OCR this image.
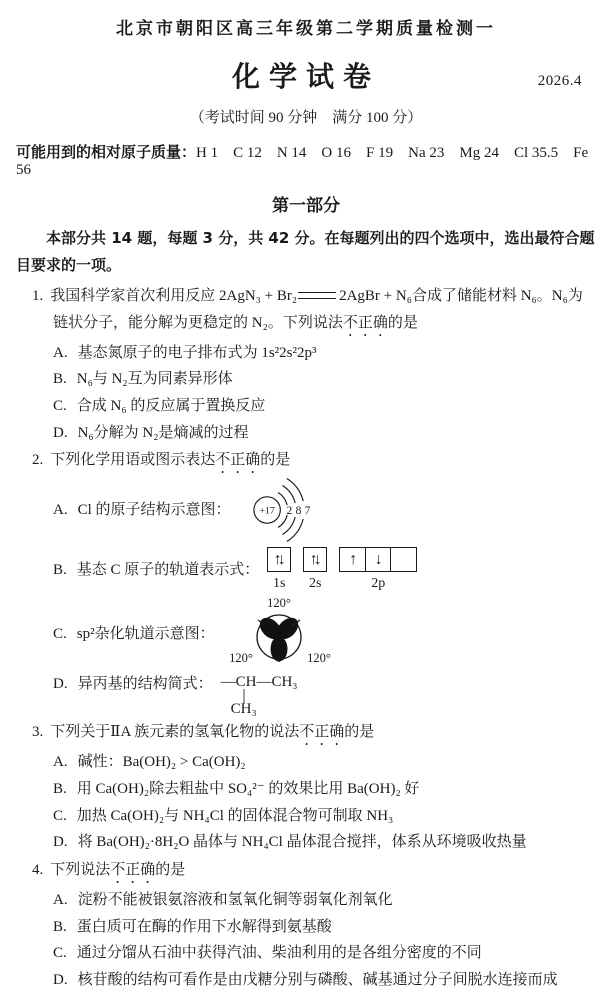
北京市朝阳区高三年级第二学期质量检测一
化学试卷	2026.4
（考试时间 90 分钟　满分 100 分）
可能用到的相对原子质量：H 1　C 12　N 14　O 16　F 19　Na 23　Mg 24　Cl 35.5　Fe 56
第一部分

本部分共 14 题，每题 3 分，共 42 分。在每题列出的四个选项中，选出最符合题目要求的一项。

1. 我国科学家首次利用反应 2AgN₃ + Br₂	2AgBr + N₆合成了储能材料 N₆。N₆为链状分子，能分解为更稳定的 N₂。下列说法不正确的是
A. 基态氮原子的电子排布式为 1s²2s²2p³
B. N₆与 N₂互为同素异形体
C. 合成 N₆ 的反应属于置换反应
D. N₆分解为 N₂是熵减的过程
2. 下列化学用语或图示表达不正确的是
A. Cl 的原子结构示意图： +17 2 8 7
B. 基态 C 原子的轨道表示式：
↑↓
1s
↑↓
2s
↑	↓
2p
C. sp²杂化轨道示意图：
120°
120°	120°
D. 异丙基的结构简式： —CH—CH₃
│
CH₃
3. 下列关于ⅡA 族元素的氢氧化物的说法不正确的是
A. 碱性：Ba(OH)₂ > Ca(OH)₂
B. 用 Ca(OH)₂除去粗盐中 SO₄²⁻ 的效果比用 Ba(OH)₂ 好
C. 加热 Ca(OH)₂与 NH₄Cl 的固体混合物可制取 NH₃
D. 将 Ba(OH)₂·8H₂O 晶体与 NH₄Cl 晶体混合搅拌，体系从环境吸收热量
4. 下列说法不正确的是
A. 淀粉不能被银氨溶液和氢氧化铜等弱氧化剂氧化
B. 蛋白质可在酶的作用下水解得到氨基酸
C. 通过分馏从石油中获得汽油、柴油利用的是各组分密度的不同
D. 核苷酸的结构可看作是由戊糖分别与磷酸、碱基通过分子间脱水连接而成
